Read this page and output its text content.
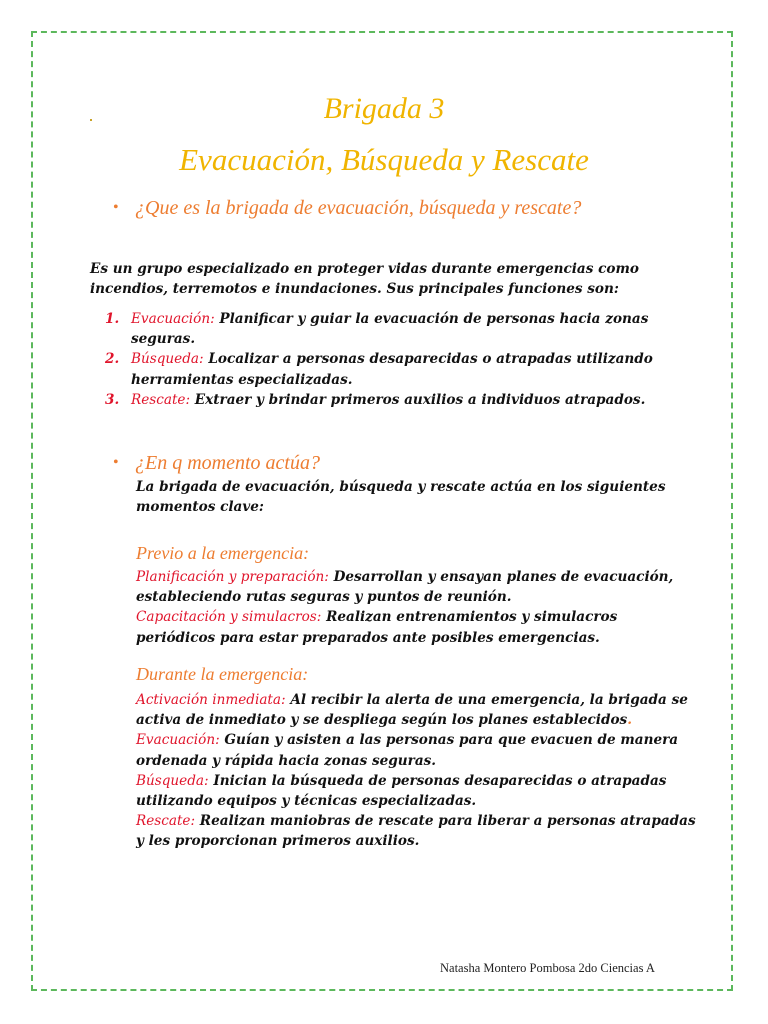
Brigada 3
Evacuación, Búsqueda y Rescate

• ¿Que es la brigada de evacuación, búsqueda y rescate?

Es un grupo especializado en proteger vidas durante emergencias como incendios, terremotos e inundaciones. Sus principales funciones son:

1. Evacuación: Planificar y guiar la evacuación de personas hacia zonas seguras.
2. Búsqueda: Localizar a personas desaparecidas o atrapadas utilizando herramientas especializadas.
3. Rescate: Extraer y brindar primeros auxilios a individuos atrapados.

• ¿En q momento actúa?

La brigada de evacuación, búsqueda y rescate actúa en los siguientes momentos clave:

Previo a la emergencia:

Planificación y preparación: Desarrollan y ensayan planes de evacuación, estableciendo rutas seguras y puntos de reunión.

Capacitación y simulacros: Realizan entrenamientos y simulacros periódicos para estar preparados ante posibles emergencias.

Durante la emergencia:

Activación inmediata: Al recibir la alerta de una emergencia, la brigada se activa de inmediato y se despliega según los planes establecidos.

Evacuación: Guían y asisten a las personas para que evacuen de manera ordenada y rápida hacia zonas seguras.

Búsqueda: Inician la búsqueda de personas desaparecidas o atrapadas utilizando equipos y técnicas especializadas.

Rescate: Realizan maniobras de rescate para liberar a personas atrapadas y les proporcionan primeros auxilios.

Natasha Montero Pombosa 2do Ciencias A
